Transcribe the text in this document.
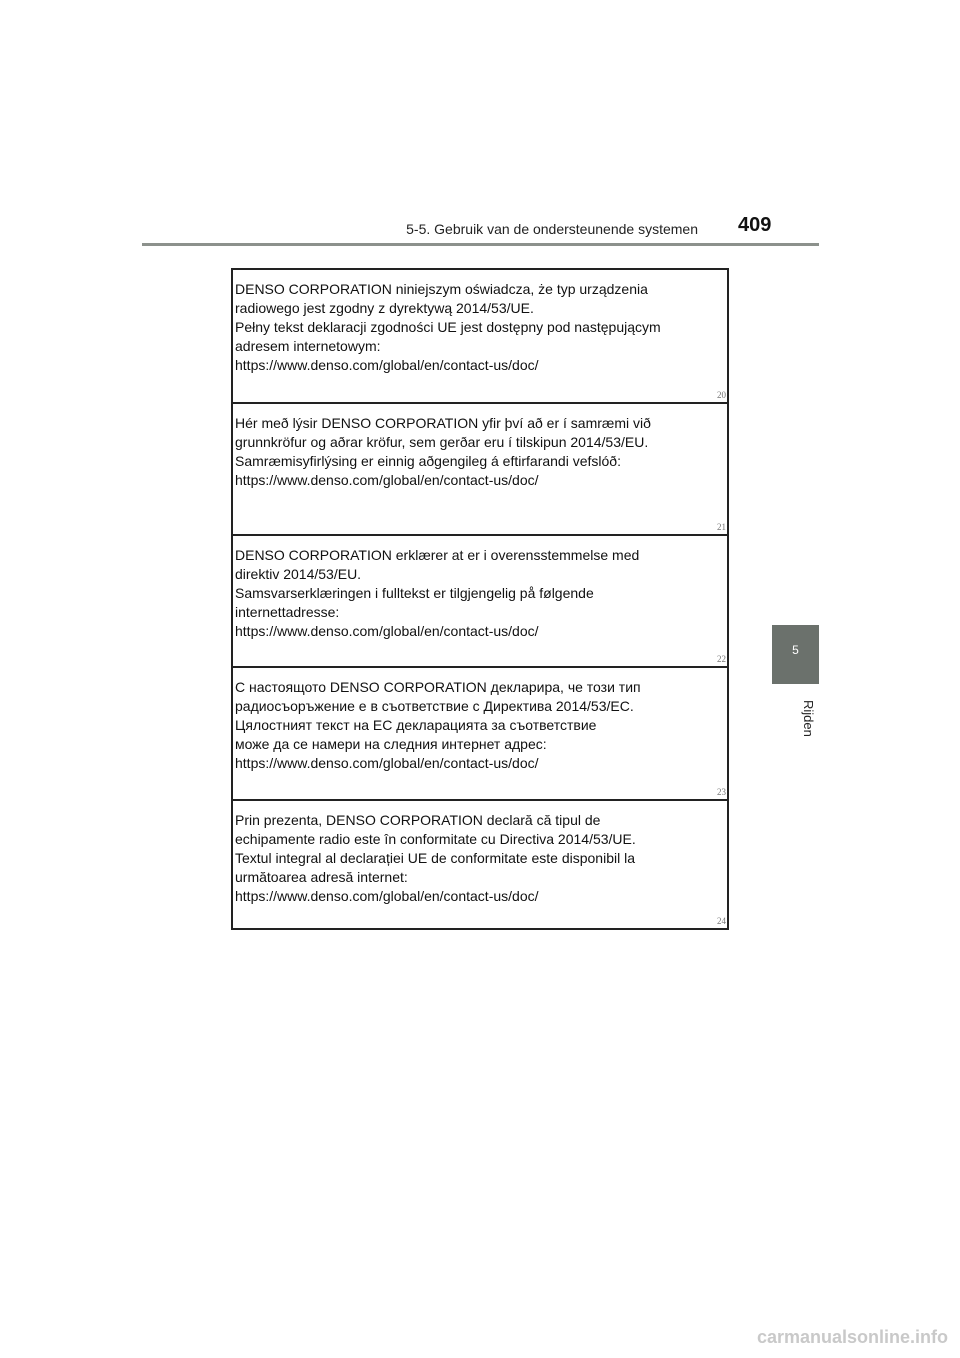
5-5. Gebruik van de ondersteunende systemen 409
5
Rijden
DENSO CORPORATION niniejszym oświadcza, że typ urządzenia
radiowego jest zgodny z dyrektywą 2014/53/UE.
Pełny tekst deklaracji zgodności UE jest dostępny pod następującym
adresem internetowym:
https://www.denso.com/global/en/contact-us/doc/
20
Hér með lýsir DENSO CORPORATION yfir því að er í samræmi við
grunnkröfur og aðrar kröfur, sem gerðar eru í tilskipun 2014/53/EU.
Samræmisyfirlýsing er einnig aðgengileg á eftirfarandi vefslóð:
https://www.denso.com/global/en/contact-us/doc/
21
DENSO CORPORATION erklærer at er i overensstemmelse med
direktiv 2014/53/EU.
Samsvarserklæringen i fulltekst er tilgjengelig på følgende
internettadresse:
https://www.denso.com/global/en/contact-us/doc/
22
С настоящото DENSO CORPORATION декларира, че този тип
радиосъоръжение е в съответствие с Директива 2014/53/ЕС.
Цялостният текст на ЕС декларацията за съответствие
може да се намери на следния интернет адрес:
https://www.denso.com/global/en/contact-us/doc/
23
Prin prezenta, DENSO CORPORATION declară că tipul de
echipamente radio este în conformitate cu Directiva 2014/53/UE.
Textul integral al declarației UE de conformitate este disponibil la
următoarea adresă internet:
https://www.denso.com/global/en/contact-us/doc/
24
carmanualsonline.info
